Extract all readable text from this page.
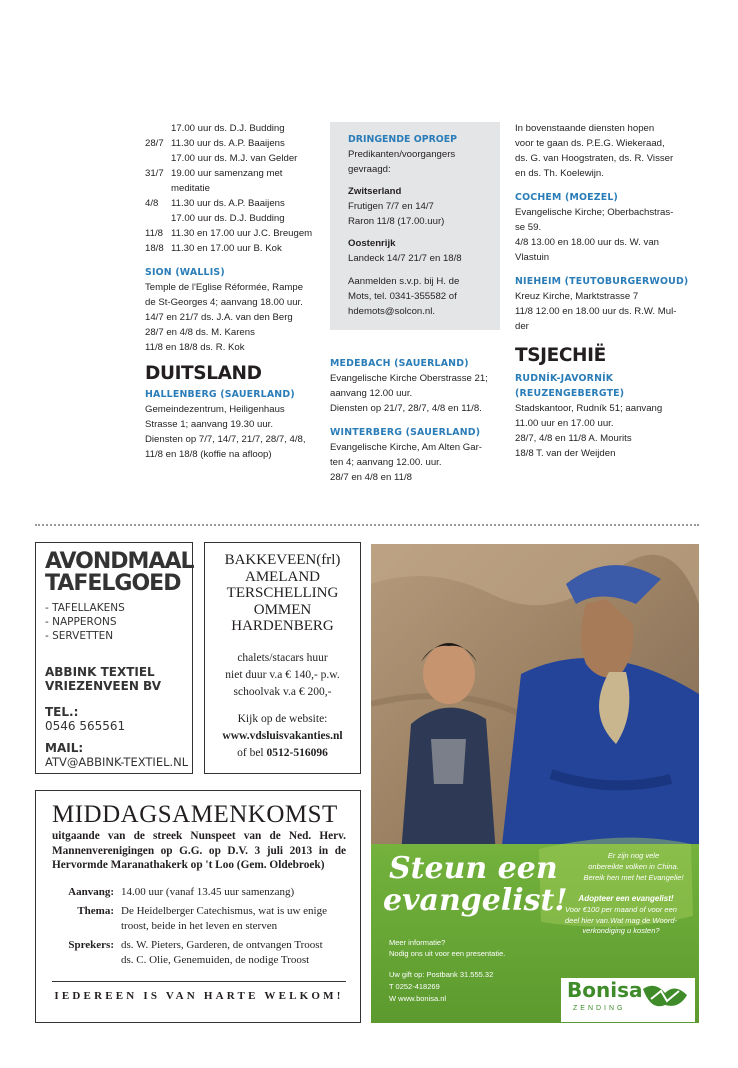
17.00 uur ds. D.J. Budding
28/7 11.30 uur ds. A.P. Baaijens
17.00 uur ds. M.J. van Gelder
31/7 19.00 uur samenzang met meditatie
4/8	11.30 uur ds. A.P. Baaijens
17.00 uur ds. D.J. Budding
11/8 11.30 en 17.00 uur J.C. Breugem
18/8 11.30 en 17.00 uur B. Kok
SION (WALLIS)
Temple de l'Eglise Réformée, Rampe
de St-Georges 4; aanvang 18.00 uur.
14/7 en 21/7 ds. J.A. van den Berg
28/7 en 4/8 ds. M. Karens
11/8 en 18/8 ds. R. Kok
DUITSLAND
HALLENBERG (SAUERLAND)
Gemeindezentrum, Heiligenhaus
Strasse 1; aanvang 19.30 uur.
Diensten op 7/7, 14/7, 21/7, 28/7, 4/8,
11/8 en 18/8 (koffie na afloop)
DRINGENDE OPROEP
Predikanten/voorgangers
gevraagd:
Zwitserland
Frutigen 7/7 en 14/7
Raron 11/8 (17.00.uur)
Oostenrijk
Landeck 14/7 21/7 en 18/8
Aanmelden s.v.p. bij H. de
Mots, tel. 0341-355582 of
hdemots@solcon.nl.
MEDEBACH (SAUERLAND)
Evangelische Kirche Oberstrasse 21;
aanvang 12.00 uur.
Diensten op 21/7, 28/7, 4/8 en 11/8.
WINTERBERG (SAUERLAND)
Evangelische Kirche, Am Alten Gar-
ten 4; aanvang 12.00. uur.
28/7 en 4/8 en 11/8
In bovenstaande diensten hopen
voor te gaan ds. P.E.G. Wiekeraad,
ds. G. van Hoogstraten, ds. R. Visser
en ds. Th. Koelewijn.
COCHEM (MOEZEL)
Evangelische Kirche; Oberbachstras-
se 59.
4/8 13.00 en 18.00 uur ds. W. van
Vlastuin
NIEHEIM (TEUTOBURGERWOUD)
Kreuz Kirche, Marktstrasse 7
11/8 12.00 en 18.00 uur ds. R.W. Mul-
der
TSJECHIË
RUDNÍK-JAVORNÍK
(REUZENGEBERGTE)
Stadskantoor, Rudník 51; aanvang
11.00 uur en 17.00 uur.
28/7, 4/8 en 11/8 A. Mourits
18/8 T. van der Weijden
AVONDMAAL
TAFELGOED
- TAFELLAKENS
- NAPPERONS
- SERVETTEN
ABBINK TEXTIEL
VRIEZENVEEN BV
TEL.:
0546 565561
MAIL:
ATV@ABBINK-TEXTIEL.NL
BAKKEVEEN(frl)
AMELAND
TERSCHELLING
OMMEN
HARDENBERG
chalets/stacars huur
niet duur v.a € 140,- p.w.
schoolvak v.a € 200,-
Kijk op de website:
www.vdsluisvakanties.nl
of bel 0512-516096
MIDDAGSAMENKOMST
uitgaande van de streek Nunspeet van de Ned. Herv. Mannenverenigingen op G.G. op D.V. 3 juli 2013 in de Hervormde Maranathakerk op 't Loo (Gem. Oldebroek)
Aanvang: 14.00 uur (vanaf 13.45 uur samenzang)
Thema: De Heidelberger Catechismus, wat is uw enige troost, beide in het leven en sterven
Sprekers: ds. W. Pieters, Garderen, de ontvangen Troost
ds. C. Olie, Genemuiden, de nodige Troost
IEDEREEN IS VAN HARTE WELKOM!
Steun een
evangelist!
Er zijn nog vele
onbereikte volken in China.
Bereik hen met het Evangelie!
Adopteer een evangelist!
Voor €100 per maand of voor een
deel hier van.Wat mag de Woord-
verkondiging u kosten?
Meer informatie?
Nodig ons uit voor een presentatie.
Uw gift op: Postbank 31.555.32
T 0252-418269
W www.bonisa.nl	Bonisa
ZENDING
